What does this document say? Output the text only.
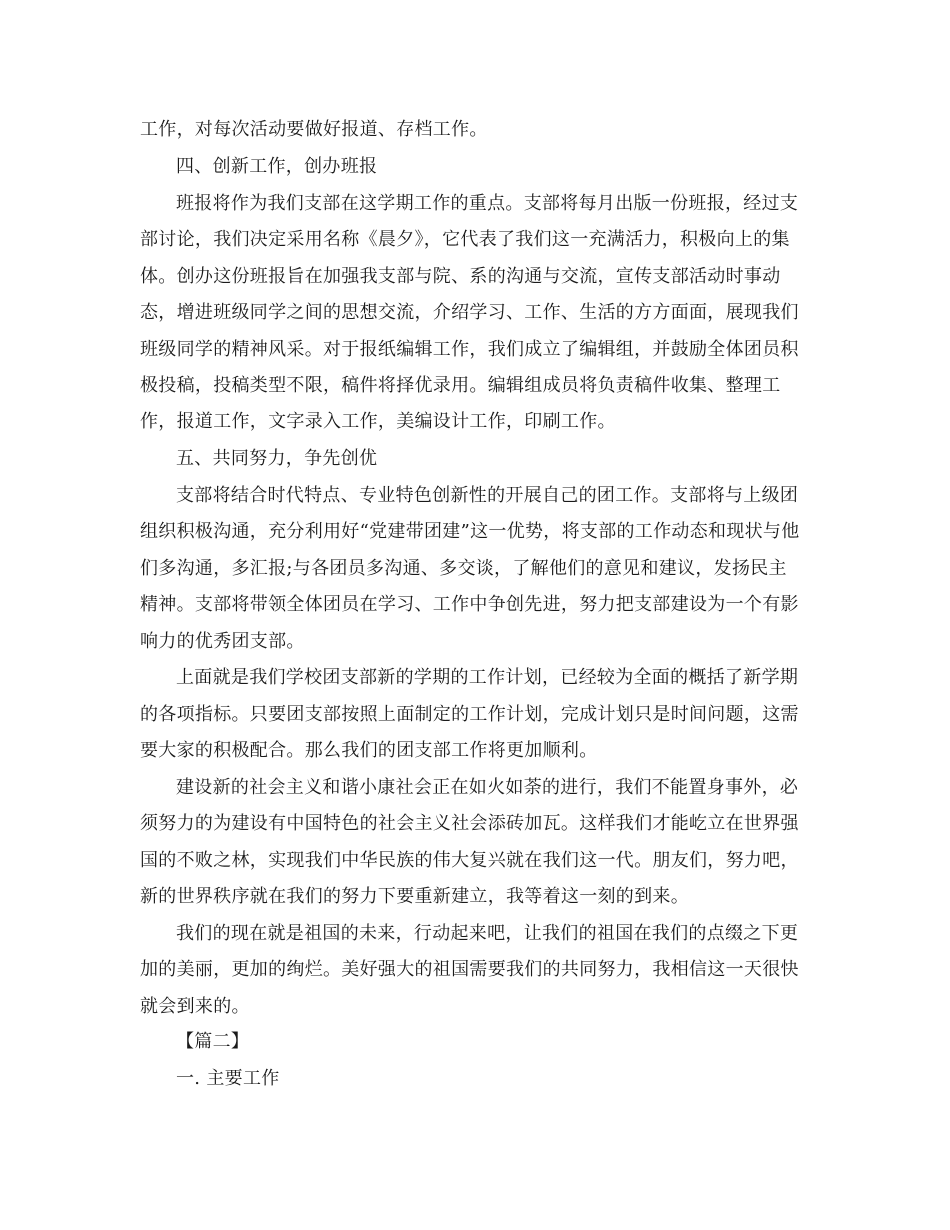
工作，对每次活动要做好报道、存档工作。
四、创新工作，创办班报
班报将作为我们支部在这学期工作的重点。支部将每月出版一份班报，经过支
部讨论，我们决定采用名称《晨夕》，它代表了我们这一充满活力，积极向上的集
体。创办这份班报旨在加强我支部与院、系的沟通与交流，宣传支部活动时事动
态，增进班级同学之间的思想交流，介绍学习、工作、生活的方方面面，展现我们
班级同学的精神风采。对于报纸编辑工作，我们成立了编辑组，并鼓励全体团员积
极投稿，投稿类型不限，稿件将择优录用。编辑组成员将负责稿件收集、整理工
作，报道工作，文字录入工作，美编设计工作，印刷工作。
五、共同努力，争先创优
支部将结合时代特点、专业特色创新性的开展自己的团工作。支部将与上级团
组织积极沟通，充分利用好“党建带团建”这一优势，将支部的工作动态和现状与他
们多沟通，多汇报;与各团员多沟通、多交谈，了解他们的意见和建议，发扬民主
精神。支部将带领全体团员在学习、工作中争创先进，努力把支部建设为一个有影
响力的优秀团支部。
上面就是我们学校团支部新的学期的工作计划，已经较为全面的概括了新学期
的各项指标。只要团支部按照上面制定的工作计划，完成计划只是时间问题，这需
要大家的积极配合。那么我们的团支部工作将更加顺利。
建设新的社会主义和谐小康社会正在如火如荼的进行，我们不能置身事外，必
须努力的为建设有中国特色的社会主义社会添砖加瓦。这样我们才能屹立在世界强
国的不败之林，实现我们中华民族的伟大复兴就在我们这一代。朋友们，努力吧，
新的世界秩序就在我们的努力下要重新建立，我等着这一刻的到来。
我们的现在就是祖国的未来，行动起来吧，让我们的祖国在我们的点缀之下更
加的美丽，更加的绚烂。美好强大的祖国需要我们的共同努力，我相信这一天很快
就会到来的。
【篇二】
一. 主要工作
